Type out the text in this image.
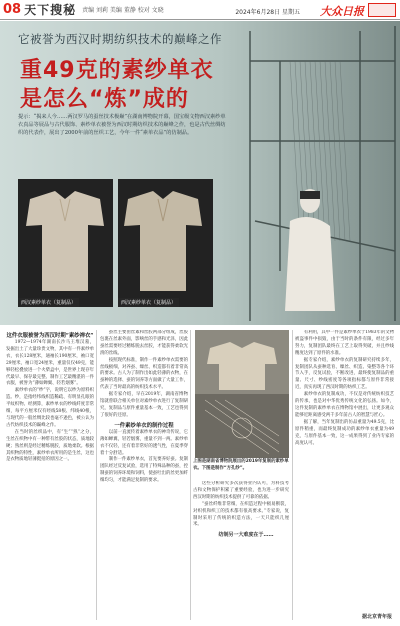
08 天下搜秘 责编 刘莉 美编 董静 校对 文晓	2024年6月28日 星期五 大众日报
它被誉为西汉时期纺织技术的巅峰之作
重49克的素纱单衣
是怎么“炼”成的
提示：“揭来人今……两汉罗马的蚕丝技术极巅”在湖南博物院开幕，国宝级文物西汉素纱单衣真品等展品与古代服饰、素纱单衣被誉为西汉时期纺织技术的巅峰之作，也是古代丝绸纺织的代表作，展出了2000年前的丝织工艺，今年一件“素单衣品”的仿制品。
西汉素纱单衣（复制品）	西汉素纱单衣（复制品）

这件衣服被誉为西汉时期“素纱禅衣”

1972—1974年湖南长沙马王堆汉墓，发掘出土了大量珍贵文物，其中有一件素纱单衣，衣长128厘米，通袖长190厘米，袖口宽29厘米，袖口宽24厘米，重量仅仅49克，能够轻松叠放进一个火柴盒中，是世界上现存年代最早、保存最完整、制作工艺最精湛的一件衣服，被誉为“薄如蝉翼、轻若烟雾”。

素纱单衣的“纱”字，说明它以纱为原料织造。纱，是指经纬线织造稀疏、有明显孔眼的平纹织物。经测算，素纱单衣的纱线纤度非常细，每平方厘米仅有经线58根、纬线40根，与现代的一般丝绸比较也毫不逊色，被公认为古代纺织技术的巅峰之作。

在当时的丝织品中，有“生”“熟”之分，生丝在织物中有一种带有丝胶的状态，质地较硬；熟丝则是经过精练脱胶，质地柔软。根据其织物的特性，素纱单衣所用的是生丝，这也是衣物质地轻薄挺括的原因之一。

蚕丝主要由丝素和丝胶两部分组成，丝胶包裹在丝素外面，影响丝的手感和光泽，因此蚕丝需要经过精练脱去丝胶，才能获得柔软光滑的丝线。

按照现代标准，制作一件素纱单衣需要的丝线极细，对养蚕、缫丝、织造都有着非常高的要求。古人为了制作出如此轻薄的衣物，在蚕种的选择、蚕的饲养等方面做了大量工作，代表了当时最高的纺织技术水平。

据专家介绍，早在2019年，湖南省博物馆就曾联合相关单位对素纱单衣进行了复制研究，复制品与原件重量基本一致，工艺也得到了很好的还原。

一件素纱单衣的制作过程

以前一直流传着素纱单衣的神奇传说，它薄如蝉翼，轻若烟雾，重量不到一两。素纱单衣不仅轻，还有着非常好的透气性，在夏季穿着十分舒适。

制作一件素纱单衣，首先要养好蚕。复制团队经过反复试验，选用了特殊品种的蚕，控制蚕的饲养环境和饲料，使蚕吐出的丝更加纤细均匀，才能满足复制的要求。

上图是湖南省博物院展出的2019年复制的素纱单衣。下图是制作“方孔纱”。

这些分析研究多次获得业内认可，为科技考古和文物保护积累了重要经验，也为进一步研究西汉时期的纺织技术提供了可靠的依据。

“蚕丝纤维非常细，在织造过程中极易断裂，对织机和织工的技术都有很高要求。”专家说，复制时采用了传统的织造方法，一天只能织几厘米。

纺制另一大难度在于……

有利用，其中一件是素纱单衣于1983年的文物被盗事件中损毁，由于当时的条件有限，经过多年努力，复制团队最终在工艺上取得突破，并且纱线精度达到了原件的水准。

据专家介绍，素纱单衣的复制研究持续多年，复制团队从蚕种选育、缫丝、织造、染整等各个环节入手，反复试验，不断改进，最终使复制品的重量、尺寸、纱线密度等各项指标都与原件非常接近，真实再现了西汉时期的纺织工艺。

素纱单衣的复制成功，不仅是对传统纺织技艺的传承，也是对中华优秀传统文化的弘扬。如今，这件复制的素纱单衣在博物馆中展出，让更多观众能够近距离感受两千多年前古人的智慧与匠心。

据了解，当年复制出的仿品重量为49.5克，比原件稍重，而最终复制成功的素纱单衣重量为49克，与原件基本一致，这一成果得到了业内专家的高度认可。

据北京青年报
